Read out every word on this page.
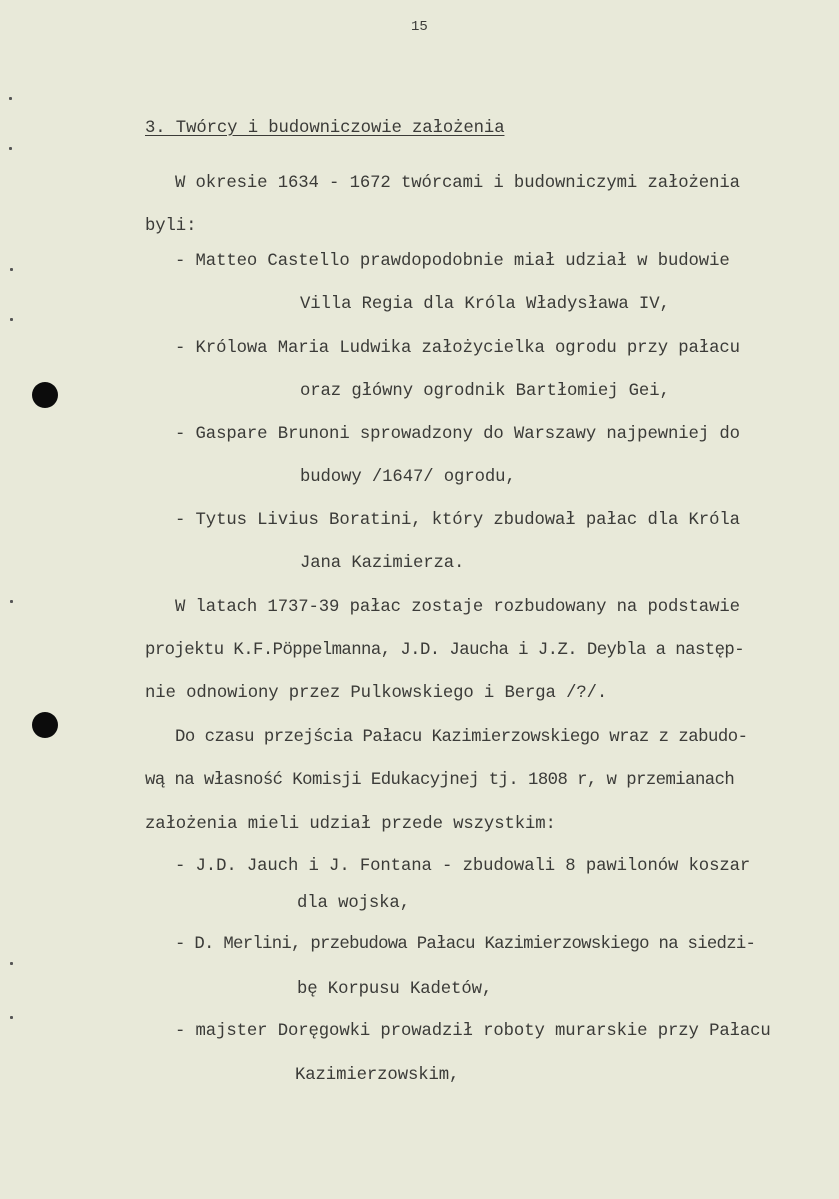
15
3. Twórcy i budowniczowie założenia
W okresie 1634 - 1672 twórcami i budowniczymi założenia
byli:
- Matteo Castello prawdopodobnie miał udział w budowie
Villa Regia dla Króla Władysława IV,
- Królowa Maria Ludwika założycielka ogrodu przy pałacu
oraz główny ogrodnik Bartłomiej Gei,
- Gaspare Brunoni sprowadzony do Warszawy najpewniej do
budowy /1647/ ogrodu,
- Tytus Livius Boratini, który zbudował pałac dla Króla
Jana Kazimierza.
W latach 1737-39 pałac zostaje rozbudowany na podstawie
projektu K.F.Pöppelmanna, J.D. Jaucha i J.Z. Deybla a następ-
nie odnowiony przez Pulkowskiego i Berga /?/.
Do czasu przejścia Pałacu Kazimierzowskiego wraz z zabudo-
wą na własność Komisji Edukacyjnej tj. 1808 r, w przemianach
założenia mieli udział przede wszystkim:
- J.D. Jauch i J. Fontana - zbudowali 8 pawilonów koszar
dla wojska,
- D. Merlini, przebudowa Pałacu Kazimierzowskiego na siedzi-
bę Korpusu Kadetów,
- majster Doręgowki prowadził roboty murarskie przy Pałacu
Kazimierzowskim,
